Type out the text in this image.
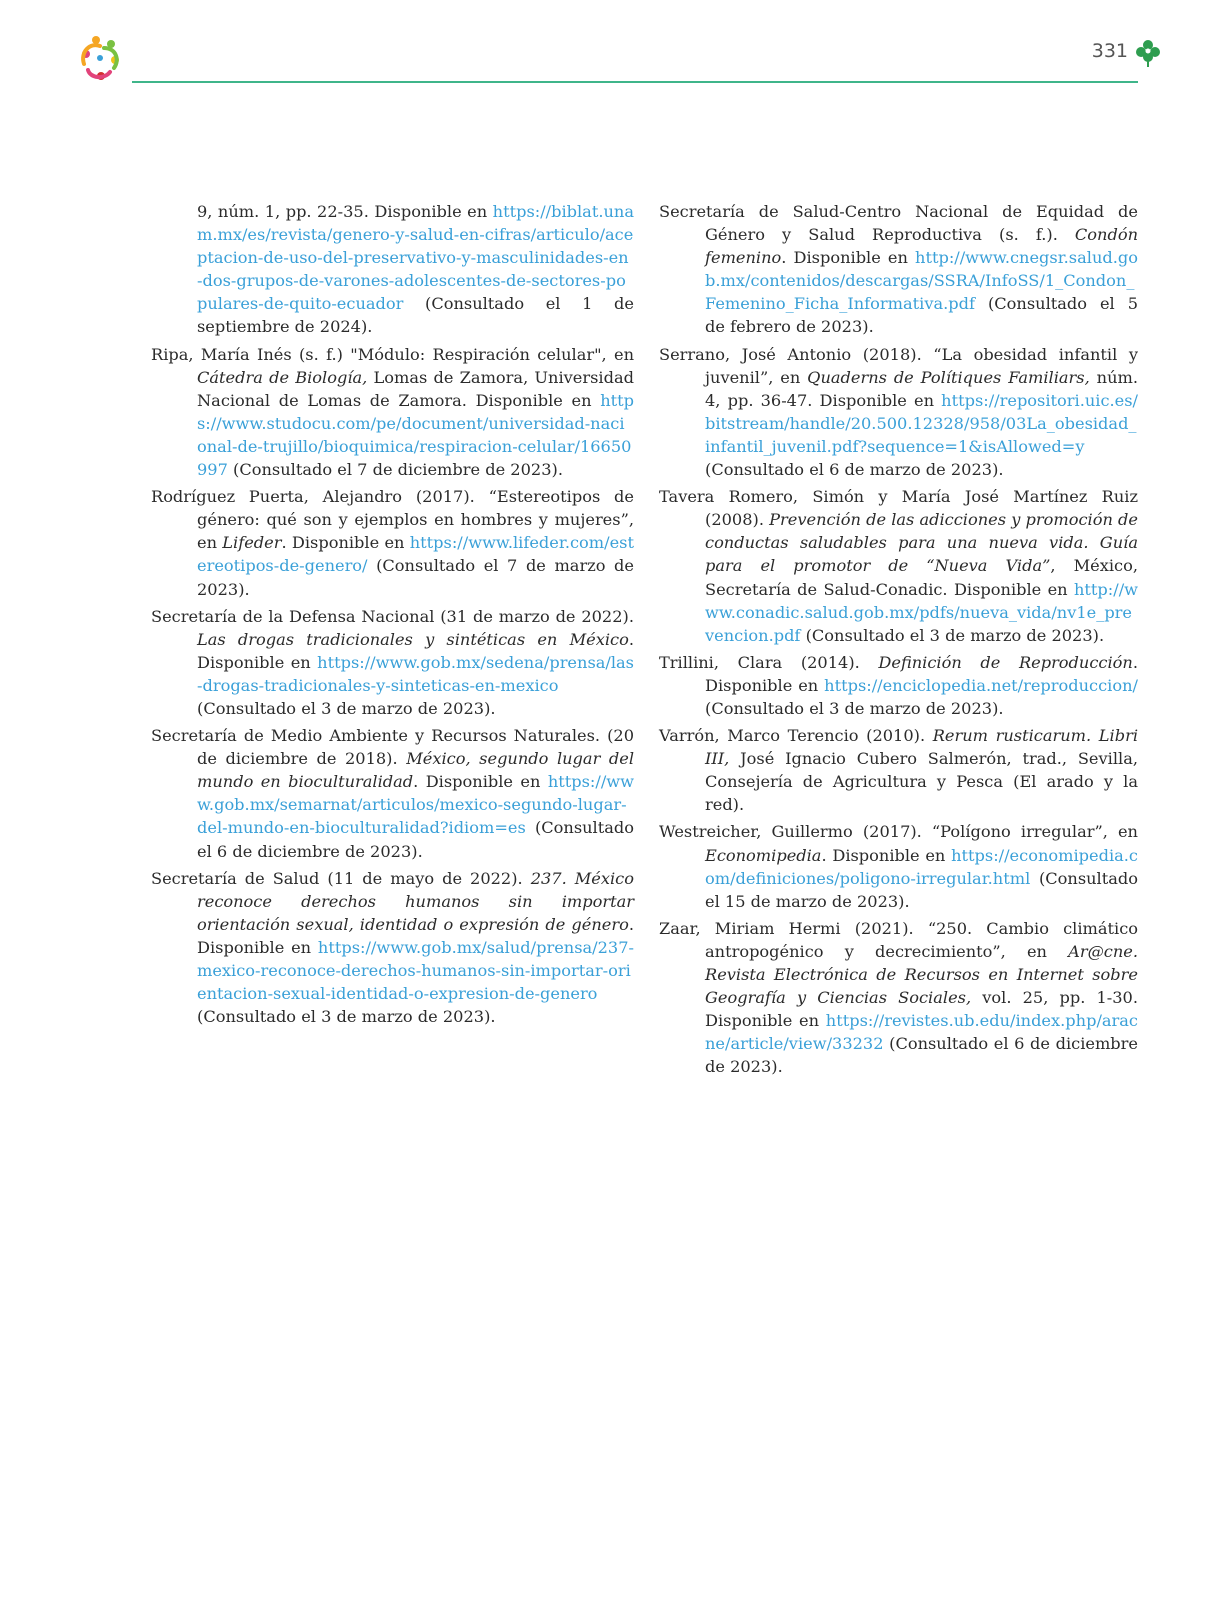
331

9, núm. 1, pp. 22-35. Disponible en https://biblat.unam.mx/es/revista/genero-y-salud-en-cifras/articulo/aceptacion-de-uso-del-preservativo-y-masculinidades-en-dos-grupos-de-varones-adolescentes-de-sectores-populares-de-quito-ecuador (Consultado el 1 de septiembre de 2024).

Ripa, María Inés (s. f.) "Módulo: Respiración celular", en Cátedra de Biología, Lomas de Zamora, Universidad Nacional de Lomas de Zamora. Disponible en https://www.studocu.com/pe/document/universidad-nacional-de-trujillo/bioquimica/respiracion-celular/16650997 (Consultado el 7 de diciembre de 2023).

Rodríguez Puerta, Alejandro (2017). “Estereotipos de género: qué son y ejemplos en hombres y mujeres”, en Lifeder. Disponible en https://www.lifeder.com/estereotipos-de-genero/ (Consultado el 7 de marzo de 2023).

Secretaría de la Defensa Nacional (31 de marzo de 2022). Las drogas tradicionales y sintéticas en México. Disponible en https://www.gob.mx/sedena/prensa/las-drogas-tradicionales-y-sinteticas-en-mexico (Consultado el 3 de marzo de 2023).

Secretaría de Medio Ambiente y Recursos Naturales. (20 de diciembre de 2018). México, segundo lugar del mundo en bioculturalidad. Disponible en https://www.gob.mx/semarnat/articulos/mexico-segundo-lugar-del-mundo-en-bioculturalidad?idiom=es (Consultado el 6 de diciembre de 2023).

Secretaría de Salud (11 de mayo de 2022). 237. México reconoce derechos humanos sin importar orientación sexual, identidad o expresión de género. Disponible en https://www.gob.mx/salud/prensa/237-mexico-reconoce-derechos-humanos-sin-importar-orientacion-sexual-identidad-o-expresion-de-genero (Consultado el 3 de marzo de 2023).

Secretaría de Salud-Centro Nacional de Equidad de Género y Salud Reproductiva (s. f.). Condón femenino. Disponible en http://www.cnegsr.salud.gob.mx/contenidos/descargas/SSRA/InfoSS/1_Condon_Femenino_Ficha_Informativa.pdf (Consultado el 5 de febrero de 2023).

Serrano, José Antonio (2018). “La obesidad infantil y juvenil”, en Quaderns de Polítiques Familiars, núm. 4, pp. 36-47. Disponible en https://repositori.uic.es/bitstream/handle/20.500.12328/958/03La_obesidad_infantil_juvenil.pdf?sequence=1&isAllowed=y (Consultado el 6 de marzo de 2023).

Tavera Romero, Simón y María José Martínez Ruiz (2008). Prevención de las adicciones y promoción de conductas saludables para una nueva vida. Guía para el promotor de “Nueva Vida”, México, Secretaría de Salud-Conadic. Disponible en http://www.conadic.salud.gob.mx/pdfs/nueva_vida/nv1e_prevencion.pdf (Consultado el 3 de marzo de 2023).

Trillini, Clara (2014). Definición de Reproducción. Disponible en https://enciclopedia.net/reproduccion/ (Consultado el 3 de marzo de 2023).

Varrón, Marco Terencio (2010). Rerum rusticarum. Libri III, José Ignacio Cubero Salmerón, trad., Sevilla, Consejería de Agricultura y Pesca (El arado y la red).

Westreicher, Guillermo (2017). “Polígono irregular”, en Economipedia. Disponible en https://economipedia.com/definiciones/poligono-irregular.html (Consultado el 15 de marzo de 2023).

Zaar, Miriam Hermi (2021). “250. Cambio climático antropogénico y decrecimiento”, en Ar@cne. Revista Electrónica de Recursos en Internet sobre Geografía y Ciencias Sociales, vol. 25, pp. 1-30. Disponible en https://revistes.ub.edu/index.php/aracne/article/view/33232 (Consultado el 6 de diciembre de 2023).
